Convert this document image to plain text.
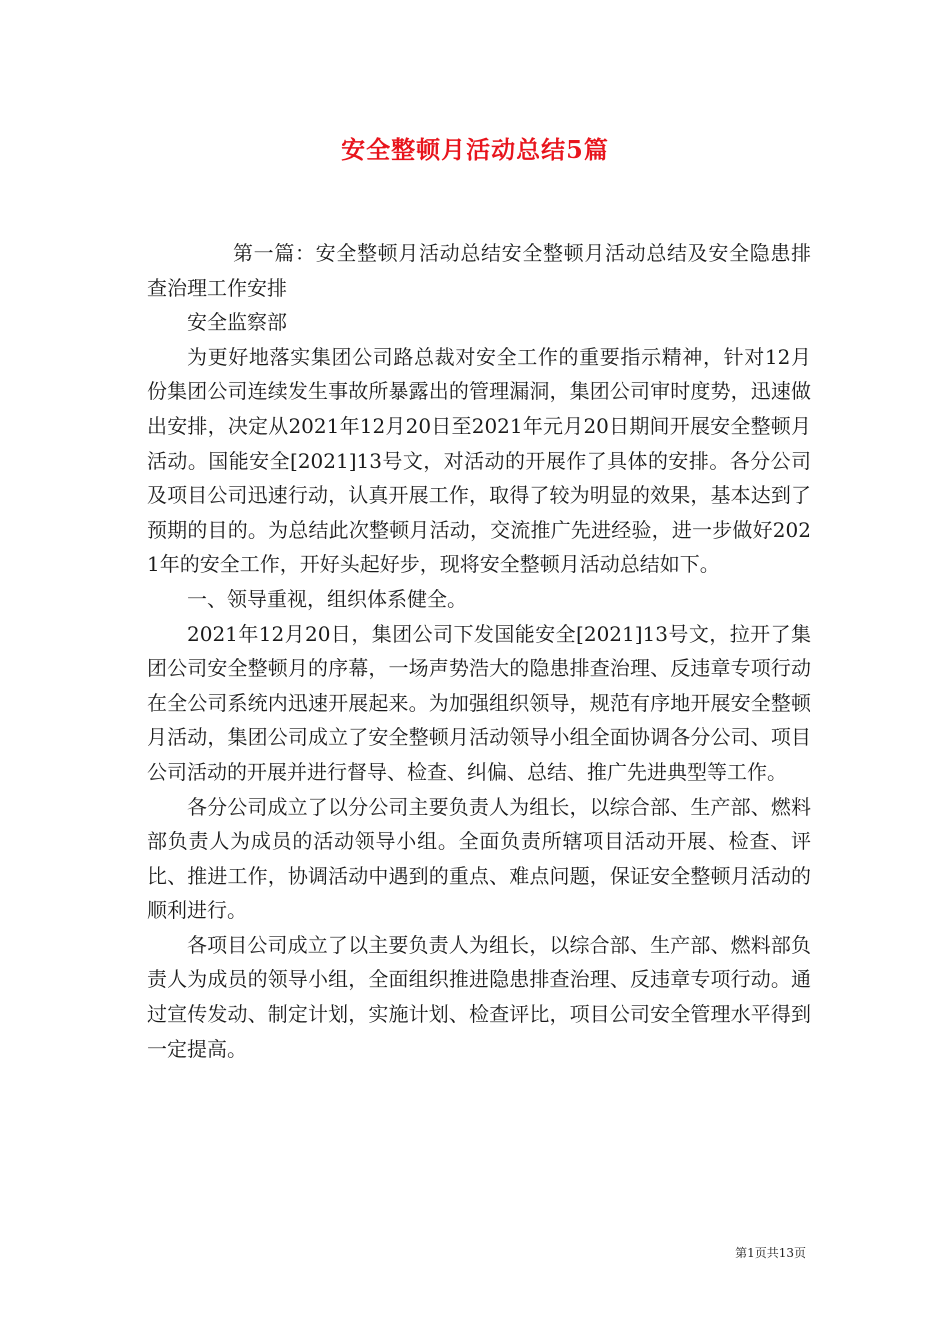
安全整顿月活动总结5篇

第一篇：安全整顿月活动总结安全整顿月活动总结及安全隐患排查治理工作安排

安全监察部

为更好地落实集团公司路总裁对安全工作的重要指示精神，针对12月份集团公司连续发生事故所暴露出的管理漏洞，集团公司审时度势，迅速做出安排，决定从2021年12月20日至2021年元月20日期间开展安全整顿月活动。国能安全[2021]13号文，对活动的开展作了具体的安排。各分公司及项目公司迅速行动，认真开展工作，取得了较为明显的效果，基本达到了预期的目的。为总结此次整顿月活动，交流推广先进经验，进一步做好2021年的安全工作，开好头起好步，现将安全整顿月活动总结如下。

一、领导重视，组织体系健全。

2021年12月20日，集团公司下发国能安全[2021]13号文，拉开了集团公司安全整顿月的序幕，一场声势浩大的隐患排查治理、反违章专项行动在全公司系统内迅速开展起来。为加强组织领导，规范有序地开展安全整顿月活动，集团公司成立了安全整顿月活动领导小组全面协调各分公司、项目公司活动的开展并进行督导、检查、纠偏、总结、推广先进典型等工作。

各分公司成立了以分公司主要负责人为组长，以综合部、生产部、燃料部负责人为成员的活动领导小组。全面负责所辖项目活动开展、检查、评比、推进工作，协调活动中遇到的重点、难点问题，保证安全整顿月活动的顺利进行。

各项目公司成立了以主要负责人为组长，以综合部、生产部、燃料部负责人为成员的领导小组，全面组织推进隐患排查治理、反违章专项行动。通过宣传发动、制定计划，实施计划、检查评比，项目公司安全管理水平得到一定提高。

第1页共13页
